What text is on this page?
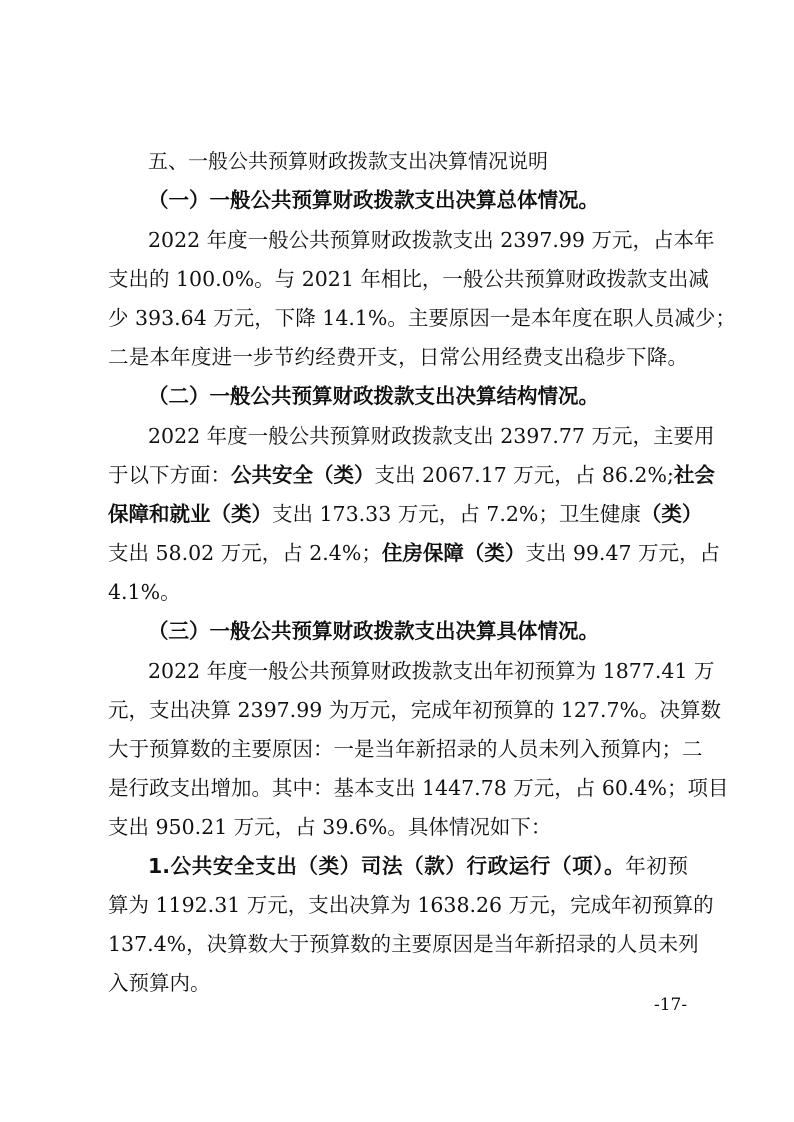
五、一般公共预算财政拨款支出决算情况说明
（一）一般公共预算财政拨款支出决算总体情况。
2022 年度一般公共预算财政拨款支出 2397.99 万元，占本年
支出的 100.0%。与 2021 年相比，一般公共预算财政拨款支出减
少 393.64 万元，下降 14.1%。主要原因一是本年度在职人员减少；
二是本年度进一步节约经费开支，日常公用经费支出稳步下降。
（二）一般公共预算财政拨款支出决算结构情况。
2022 年度一般公共预算财政拨款支出 2397.77 万元，主要用
于以下方面：公共安全（类）支出 2067.17 万元，占 86.2%;社会
保障和就业（类）支出 173.33 万元，占 7.2%；卫生健康（类）
支出 58.02 万元，占 2.4%；住房保障（类）支出 99.47 万元，占
4.1%。
（三）一般公共预算财政拨款支出决算具体情况。
2022 年度一般公共预算财政拨款支出年初预算为 1877.41 万
元，支出决算 2397.99 为万元，完成年初预算的 127.7%。决算数
大于预算数的主要原因：一是当年新招录的人员未列入预算内；二
是行政支出增加。其中：基本支出 1447.78 万元，占 60.4%；项目
支出 950.21 万元，占 39.6%。具体情况如下：
1.公共安全支出（类）司法（款）行政运行（项）。年初预
算为 1192.31 万元，支出决算为 1638.26 万元，完成年初预算的
137.4%，决算数大于预算数的主要原因是当年新招录的人员未列
入预算内。
-17-
